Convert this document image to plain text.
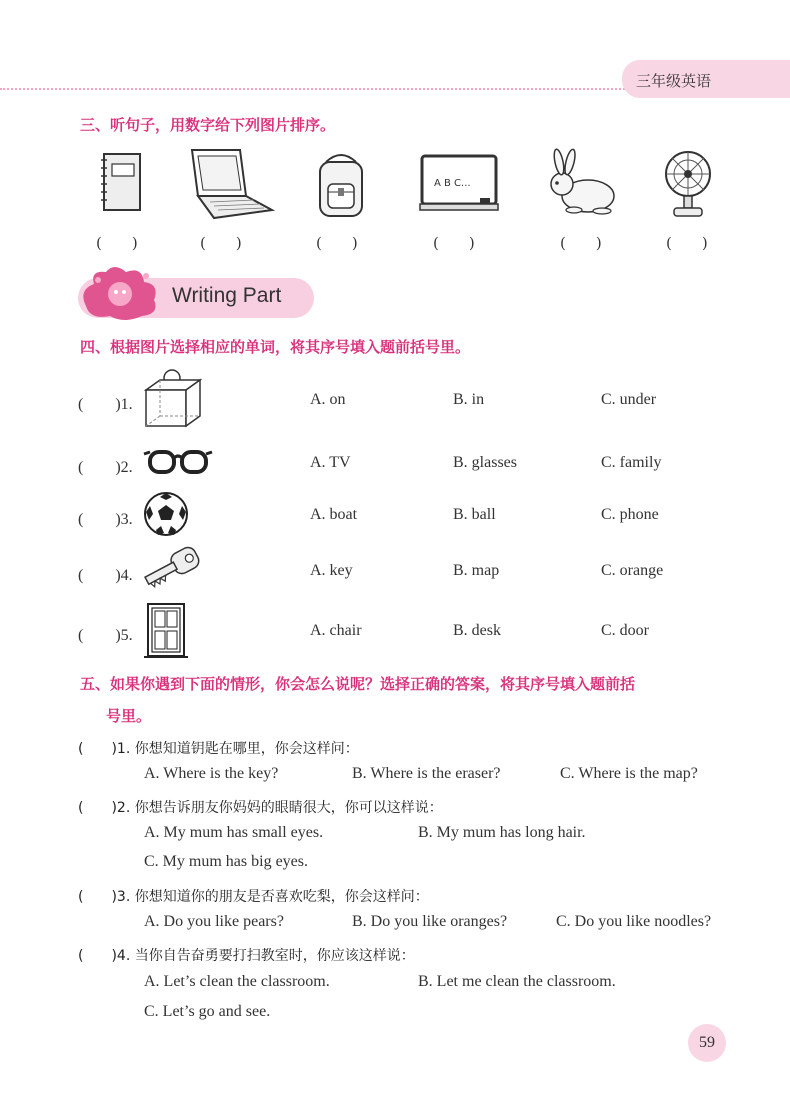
三年级英语
三、听句子，用数字给下列图片排序。
A B C...
(　　)	(　　)	(　　)	(　　)	(　　)	(　　)
Writing Part
四、根据图片选择相应的单词，将其序号填入题前括号里。
(　　)1.	A. on	B. in	C. under
(　　)2.	A. TV	B. glasses	C. family
(　　)3.	A. boat	B. ball	C. phone
(　　)4.	A. key	B. map	C. orange
(　　)5.	A. chair	B. desk	C. door
五、如果你遇到下面的情形，你会怎么说呢？选择正确的答案，将其序号填入题前括
号里。
(　　)1. 你想知道钥匙在哪里，你会这样问：
A. Where is the key?	B. Where is the eraser?	C. Where is the map?
(　　)2. 你想告诉朋友你妈妈的眼睛很大，你可以这样说：
A. My mum has small eyes.	B. My mum has long hair.
C. My mum has big eyes.
(　　)3. 你想知道你的朋友是否喜欢吃梨，你会这样问：
A. Do you like pears?	B. Do you like oranges?	C. Do you like noodles?
(　　)4. 当你自告奋勇要打扫教室时，你应该这样说：
A. Let’s clean the classroom.	B. Let me clean the classroom.
C. Let’s go and see.
59
